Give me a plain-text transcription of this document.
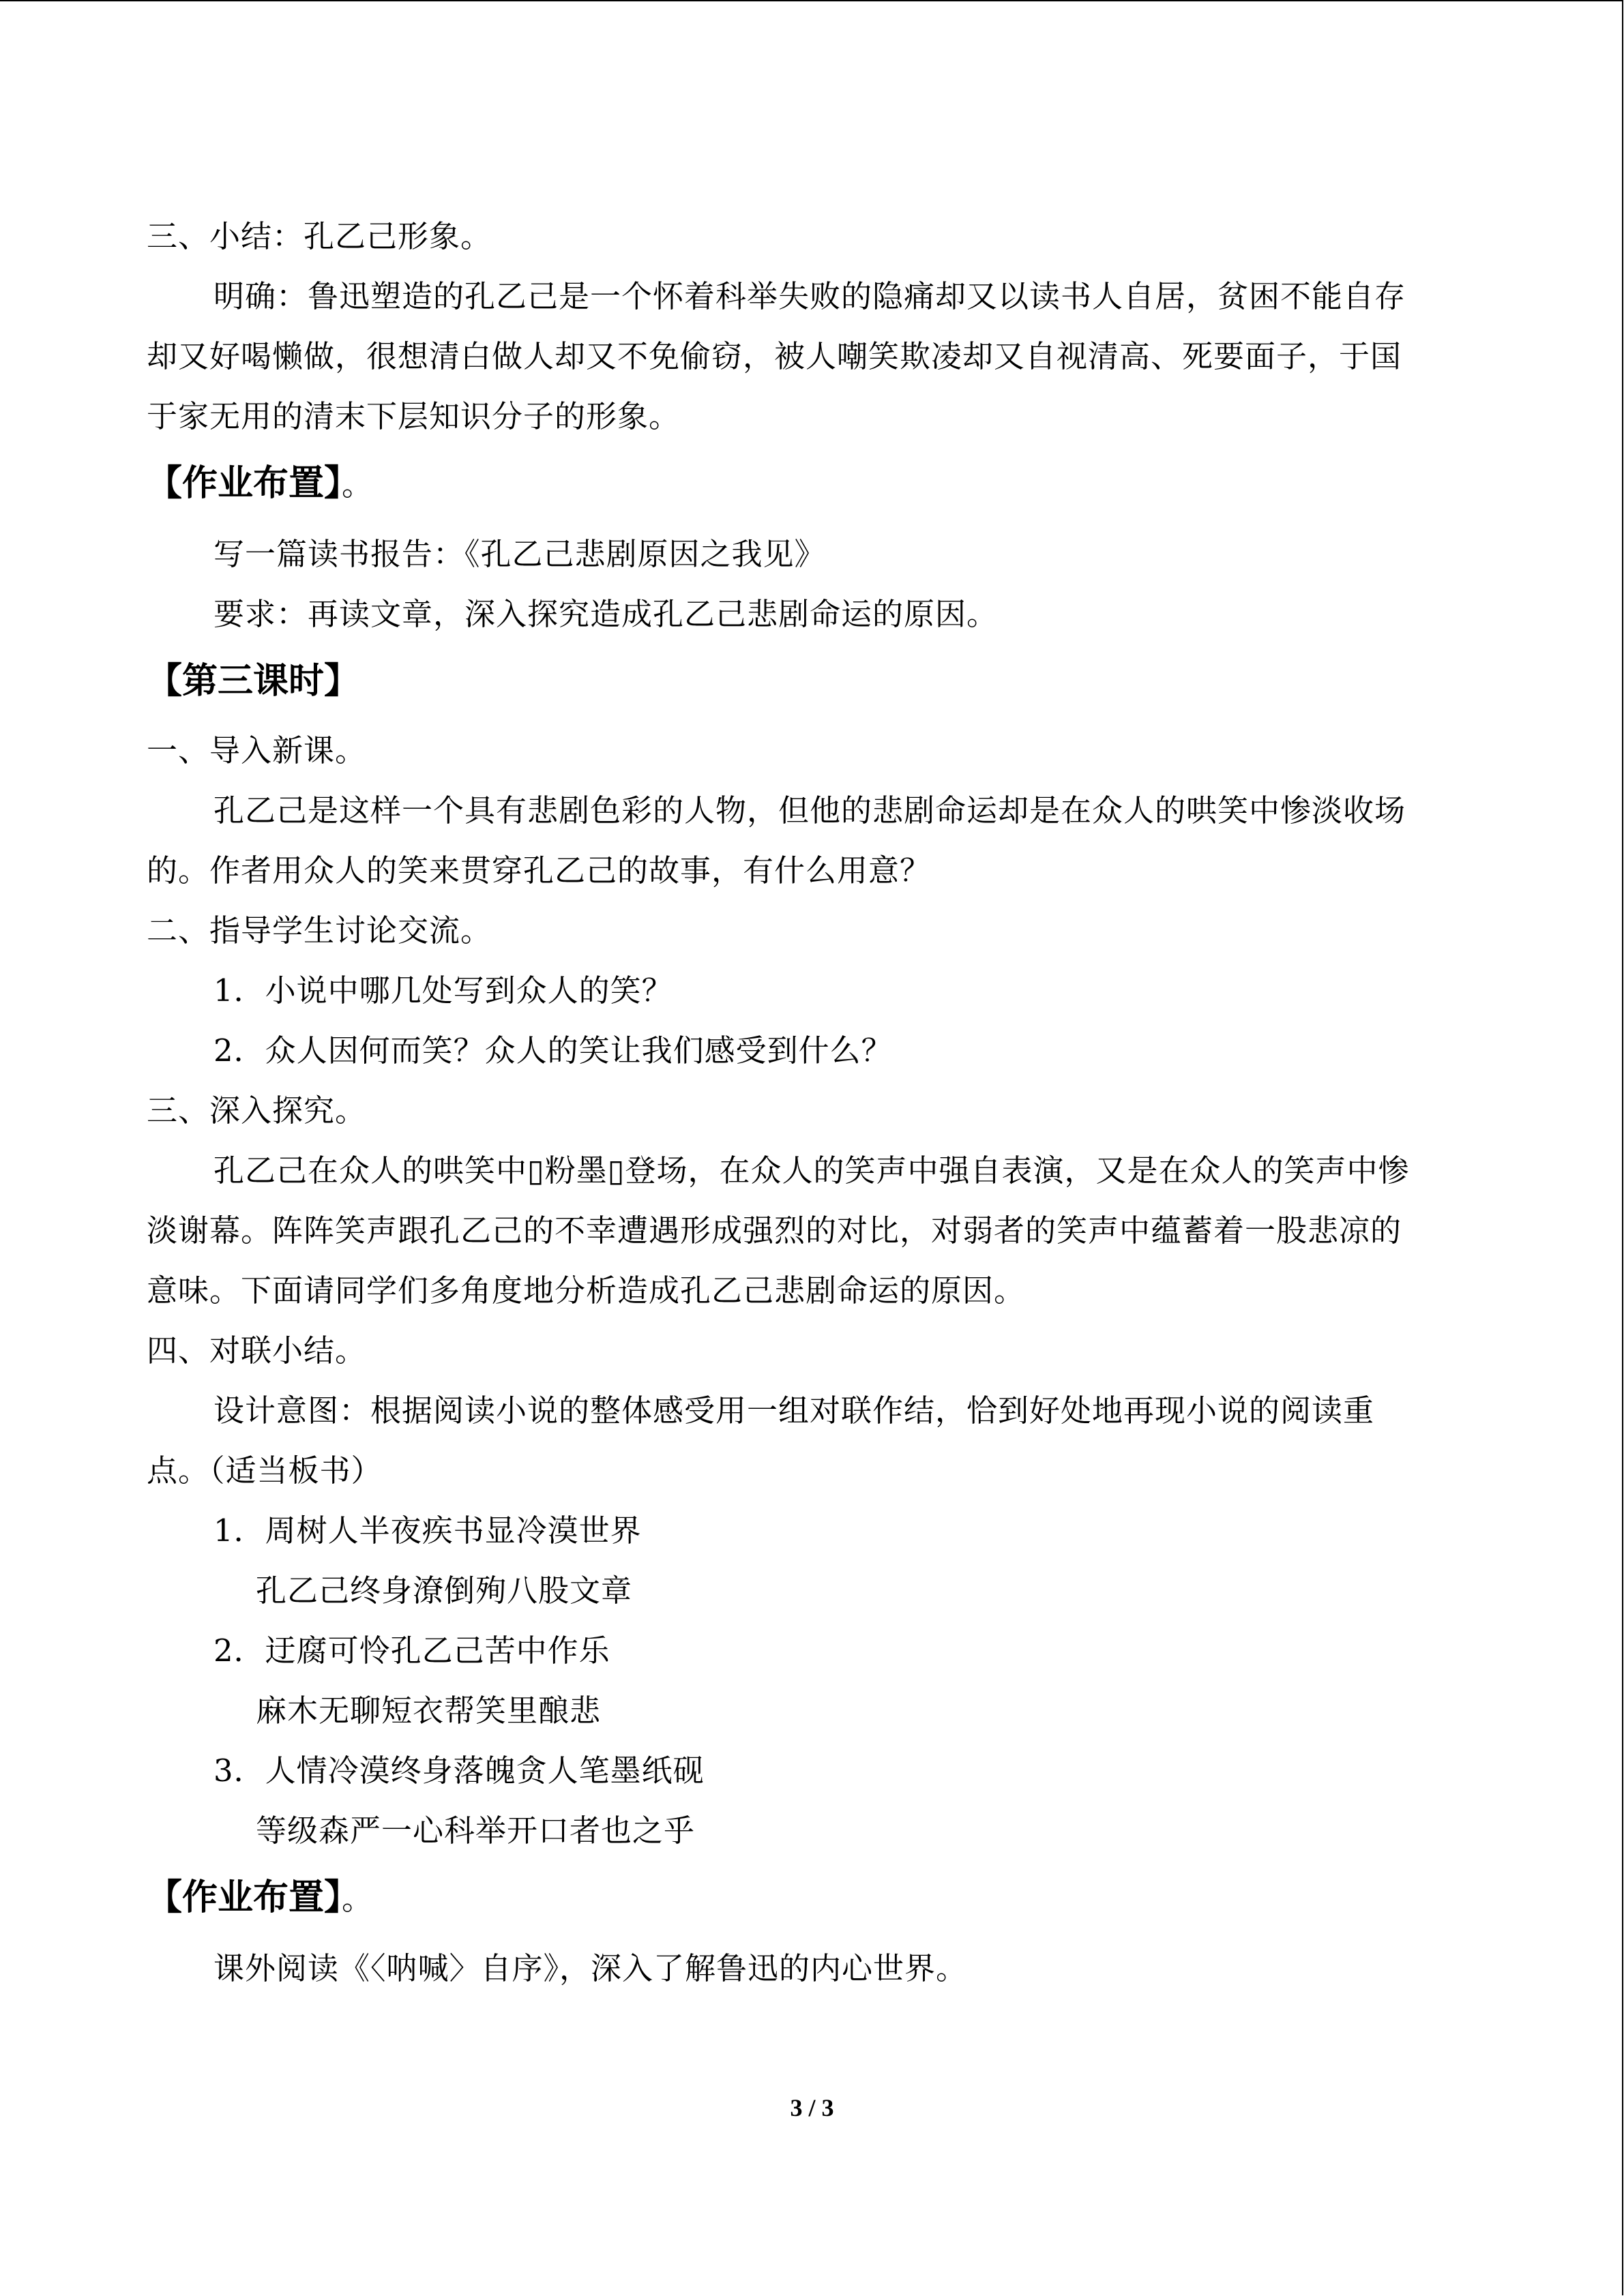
三、小结：孔乙己形象。
明确：鲁迅塑造的孔乙己是一个怀着科举失败的隐痛却又以读书人自居，贫困不能自存
却又好喝懒做，很想清白做人却又不免偷窃，被人嘲笑欺凌却又自视清高、死要面子，于国
于家无用的清末下层知识分子的形象。
【作业布置】。
写一篇读书报告：《孔乙己悲剧原因之我见》
要求：再读文章，深入探究造成孔乙己悲剧命运的原因。
【第三课时】
一、导入新课。
孔乙己是这样一个具有悲剧色彩的人物，但他的悲剧命运却是在众人的哄笑中惨淡收场
的。作者用众人的笑来贯穿孔乙己的故事，有什么用意？
二、指导学生讨论交流。
1．小说中哪几处写到众人的笑？
2．众人因何而笑？众人的笑让我们感受到什么？
三、深入探究。
孔乙己在众人的哄笑中▯粉墨▯登场，在众人的笑声中强自表演，又是在众人的笑声中惨
淡谢幕。阵阵笑声跟孔乙己的不幸遭遇形成强烈的对比，对弱者的笑声中蕴蓄着一股悲凉的
意味。下面请同学们多角度地分析造成孔乙己悲剧命运的原因。
四、对联小结。
设计意图：根据阅读小说的整体感受用一组对联作结，恰到好处地再现小说的阅读重
点。（适当板书）
1．周树人半夜疾书显冷漠世界
孔乙己终身潦倒殉八股文章
2．迂腐可怜孔乙己苦中作乐
麻木无聊短衣帮笑里酿悲
3．人情冷漠终身落魄贪人笔墨纸砚
等级森严一心科举开口者也之乎
【作业布置】。
课外阅读《〈呐喊〉自序》，深入了解鲁迅的内心世界。
3 / 3
